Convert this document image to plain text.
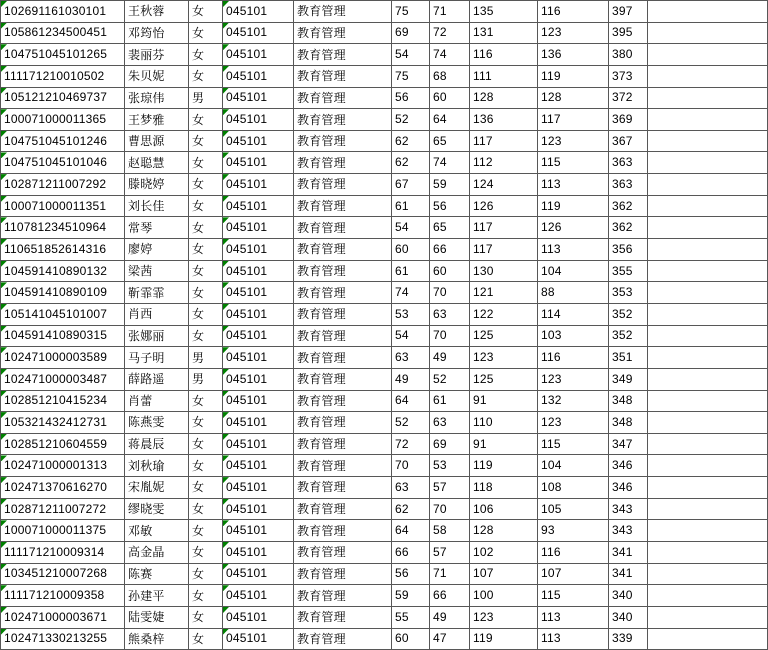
102691161030101 王秋蓉 女 045101 教育管理	75 71 135	116	397
105861234500451 邓筠怡 女 045101 教育管理	69 72 131	123	395
104751045101265 裴丽芬 女 045101 教育管理	54 74 116	136	380
111171210010502 朱贝妮 女 045101 教育管理	75 68 111	119	373
105121210469737 张琼伟 男 045101 教育管理	56 60 128	128	372
100071000011365 王梦雅 女 045101 教育管理	52 64 136	117	369
104751045101246 曹思源 女 045101 教育管理	62 65 117	123	367
104751045101046 赵聪慧 女 045101 教育管理	62 74 112	115	363
102871211007292 滕晓婷 女 045101 教育管理	67 59 124	113	363
100071000011351 刘长佳 女 045101 教育管理	61 56 126	119	362
110781234510964 常琴	女 045101 教育管理	54 65 117	126	362
110651852614316 廖婷	女 045101 教育管理	60 66 117	113	356
104591410890132 梁茜	女 045101 教育管理	61 60 130	104	355
104591410890109 靳霏霏 女 045101 教育管理	74 70 121	88	353
105141045101007 肖西	女 045101 教育管理	53 63 122	114	352
104591410890315 张娜丽 女 045101 教育管理	54 70 125	103	352
102471000003589 马子明 男 045101 教育管理	63 49 123	116	351
102471000003487 薛路遥 男 045101 教育管理	49 52 125	123	349
102851210415234 肖蕾	女 045101 教育管理	64 61 91	132	348
105321432412731 陈燕雯 女 045101 教育管理	52 63 110	123	348
102851210604559 蒋晨辰 女 045101 教育管理	72 69 91	115	347
102471000001313 刘秋瑜 女 045101 教育管理	70 53 119	104	346
102471370616270 宋胤妮 女 045101 教育管理	63 57 118	108	346
102871211007272 缪晓雯 女 045101 教育管理	62 70 106	105	343
100071000011375 邓敏	女 045101 教育管理	64 58 128	93	343
111171210009314 高金晶 女 045101 教育管理	66 57 102	116	341
103451210007268 陈赛	女 045101 教育管理	56 71 107	107	341
111171210009358 孙建平 女 045101 教育管理	59 66 100	115	340
102471000003671 陆雯婕 女 045101 教育管理	55 49 123	113	340
102471330213255 熊桑梓 女 045101 教育管理	60 47 119	113	339
